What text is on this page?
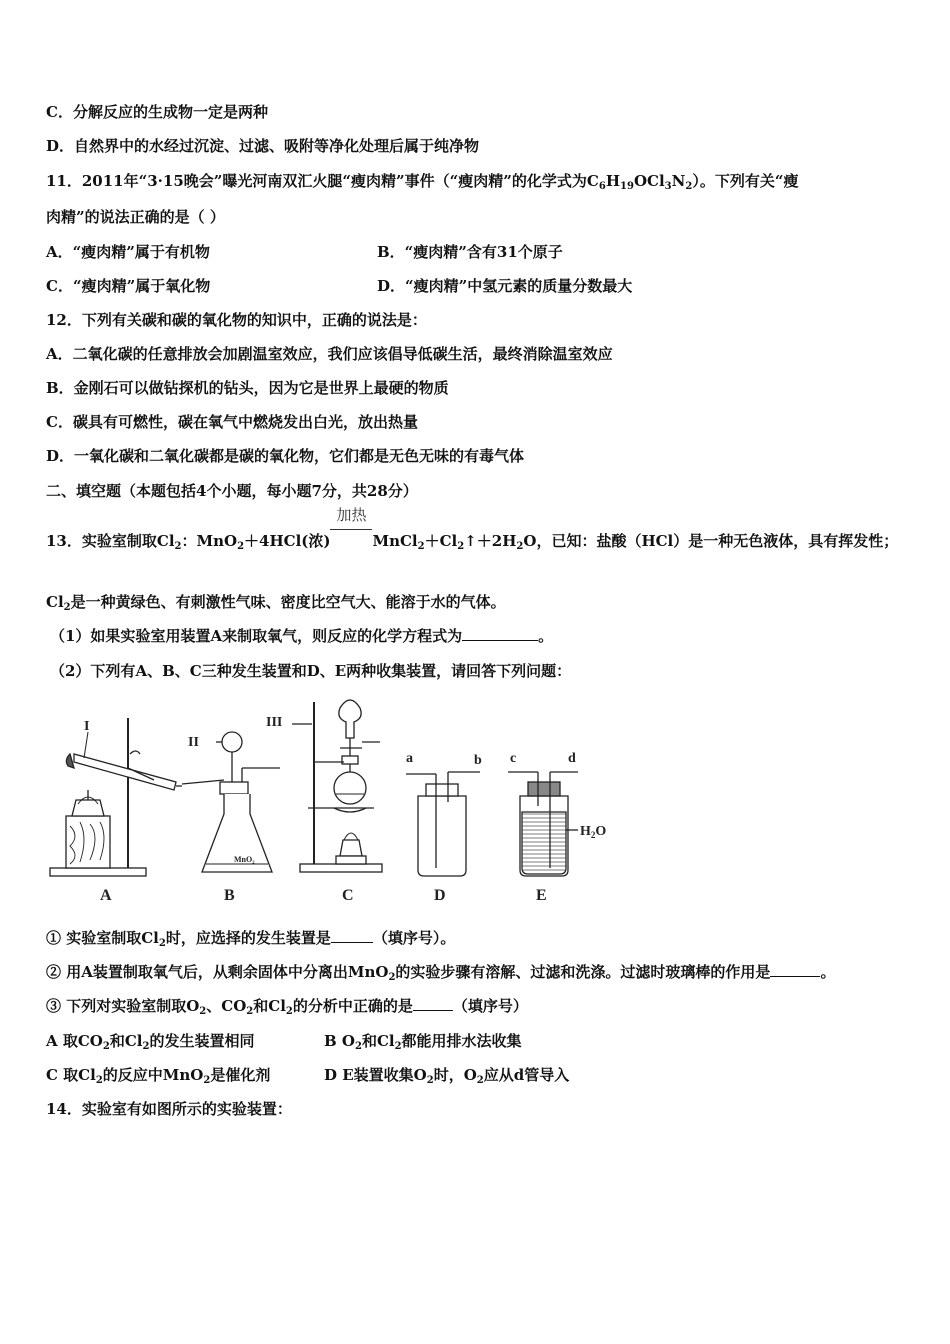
C．分解反应的生成物一定是两种
D．自然界中的水经过沉淀、过滤、吸附等净化处理后属于纯净物
11．2011年“3·15晚会”曝光河南双汇火腿“瘦肉精”事件（“瘦肉精”的化学式为$C_6H_{19}OCl_3N_2$）。下列有关“瘦
肉精”的说法正确的是（ ）
A．“瘦肉精”属于有机物	B．“瘦肉精”含有31个原子
C．“瘦肉精”属于氧化物	D．“瘦肉精”中氢元素的质量分数最大
12．下列有关碳和碳的氧化物的知识中，正确的说法是：
A．二氧化碳的任意排放会加剧温室效应，我们应该倡导低碳生活，最终消除温室效应
B．金刚石可以做钻探机的钻头，因为它是世界上最硬的物质
C．碳具有可燃性，碳在氧气中燃烧发出白光，放出热量
D．一氧化碳和二氧化碳都是碳的氧化物，它们都是无色无味的有毒气体
二、填空题（本题包括4个小题，每小题7分，共28分）
13．实验室制取$Cl_2$：MnO$_2$＋4HCl(浓)
加热
$MnCl_2+Cl_2↑+2H_2O$，已知：盐酸（HCl）是一种无色液体，具有挥发性；
$Cl_2$是一种黄绿色、有刺激性气味、密度比空气大、能溶于水的气体。
（1）如果实验室用装置A来制取氧气，则反应的化学方程式为	。
（2）下列有A、B、C三种发生装置和D、E两种收集装置，请回答下列问题：
I
A
II
MnO₂
B
III
C
a	b
D
$H_2O$
c	d
E
① 实验室制取$Cl_2$时，应选择的发生装置是	（填序号）。
② 用A装置制取氧气后，从剩余固体中分离出MnO$_2$的实验步骤有溶解、过滤和洗涤。过滤时玻璃棒的作用是	。
③ 下列对实验室制取$O_2$、$CO_2$和$Cl_2$的分析中正确的是	（填序号）
A 取$CO_2$和$Cl_2$的发生装置相同	B $O_2$和$Cl_2$都能用排水法收集
C 取$Cl_2$的反应中MnO$_2$是催化剂	D E装置收集$O_2$时，$O_2$应从d管导入
14．实验室有如图所示的实验装置：
